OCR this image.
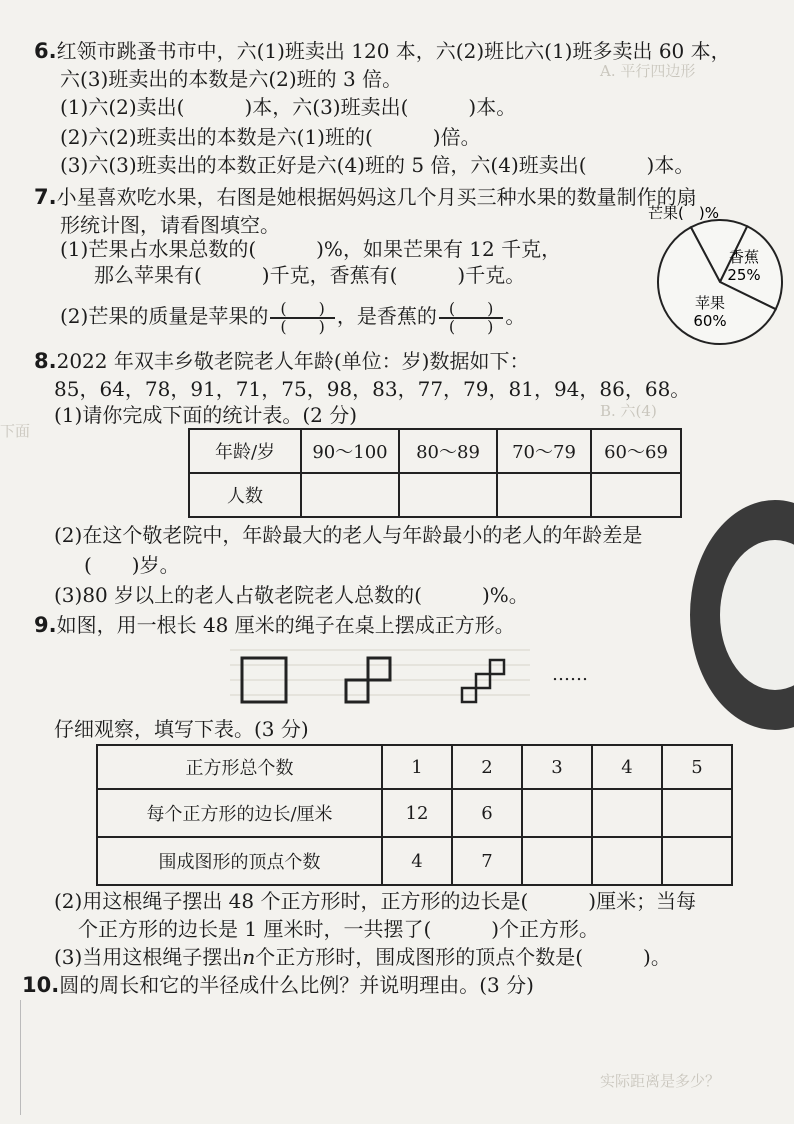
A. 平行四边形
下面
B. 六(4)
实际距离是多少？
6.红领市跳蚤书市中，六(1)班卖出 120 本，六(2)班比六(1)班多卖出 60 本，
六(3)班卖出的本数是六(2)班的 3 倍。
(1)六(2)卖出(　　　)本，六(3)班卖出(　　　)本。
(2)六(2)班卖出的本数是六(1)班的(　　　)倍。
(3)六(3)班卖出的本数正好是六(4)班的 5 倍，六(4)班卖出(　　　)本。
7.小星喜欢吃水果，右图是她根据妈妈这几个月买三种水果的数量制作的扇
形统计图，请看图填空。
(1)芒果占水果总数的(　　　)%，如果芒果有 12 千克，
那么苹果有(　　　)千克，香蕉有(　　　)千克。
(2)芒果的质量是苹果的 $\frac{( )}{( )}$ ，是香蕉的 $\frac{( )}{( )}$ 。
芒果(　)%
香蕉
25%
苹果
60%
8.2022 年双丰乡敬老院老人年龄(单位：岁)数据如下：
85，64，78，91，71，75，98，83，77，79，81，94，86，68。
(1)请你完成下面的统计表。(2 分)
年龄/岁	90～100	80～89	70～79	60～69
人数				
(2)在这个敬老院中，年龄最大的老人与年龄最小的老人的年龄差是
(　　)岁。
(3)80 岁以上的老人占敬老院老人总数的(　　　)%。
9.如图，用一根长 48 厘米的绳子在桌上摆成正方形。
……
仔细观察，填写下表。(3 分)
正方形总个数	1	2	3	4	5
每个正方形的边长/厘米	12	6			
围成图形的顶点个数	4	7			
(2)用这根绳子摆出 48 个正方形时，正方形的边长是(　　　)厘米；当每
个正方形的边长是 1 厘米时，一共摆了(　　　)个正方形。
(3)当用这根绳子摆出n个正方形时，围成图形的顶点个数是(　　　)。
10.圆的周长和它的半径成什么比例？并说明理由。(3 分)
